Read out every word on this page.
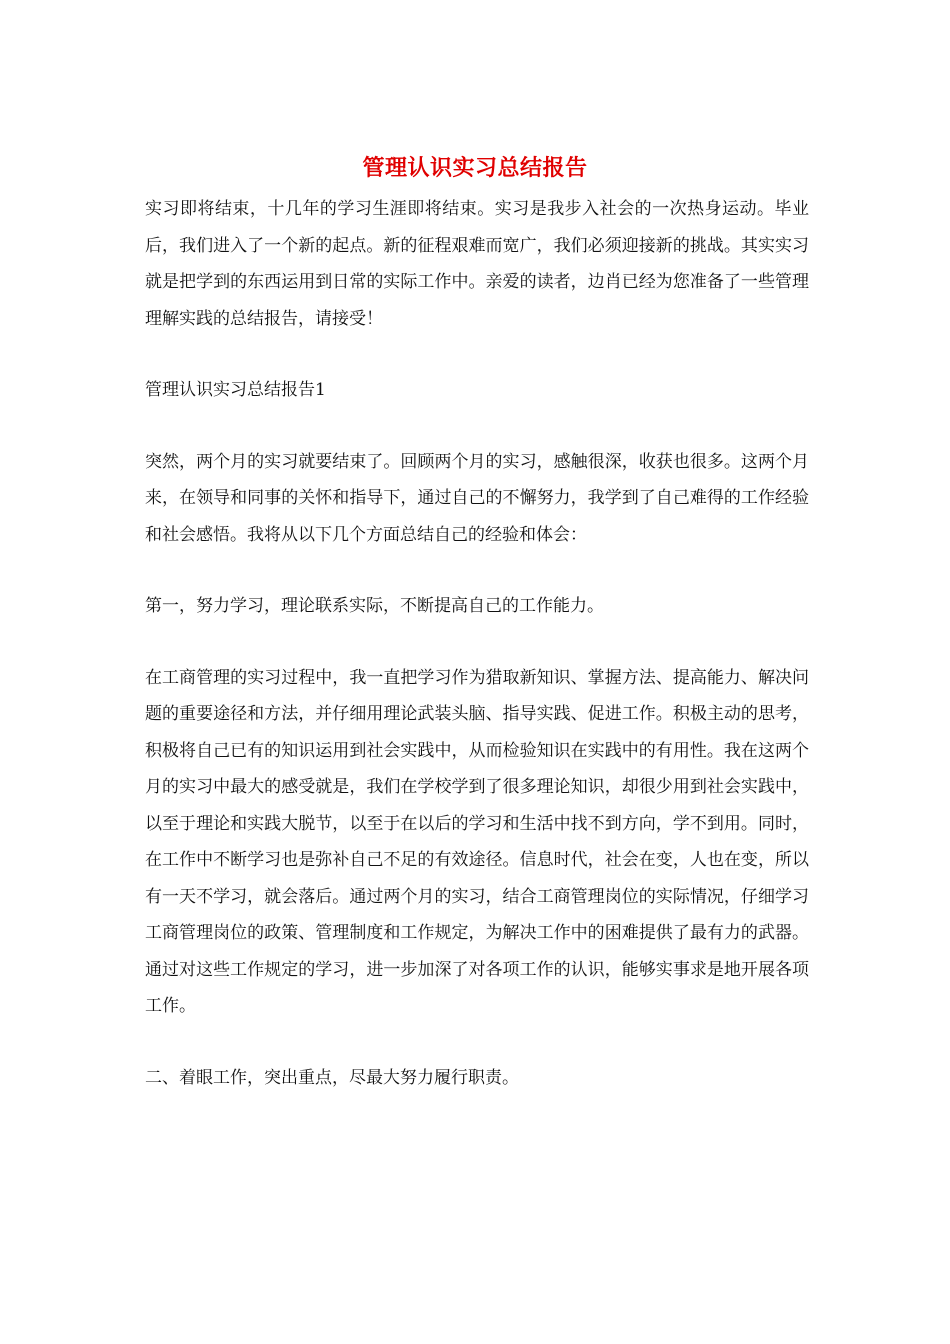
管理认识实习总结报告

实习即将结束，十几年的学习生涯即将结束。实习是我步入社会的一次热身运动。毕业后，我们进入了一个新的起点。新的征程艰难而宽广，我们必须迎接新的挑战。其实实习就是把学到的东西运用到日常的实际工作中。亲爱的读者，边肖已经为您准备了一些管理理解实践的总结报告，请接受！

管理认识实习总结报告1

突然，两个月的实习就要结束了。回顾两个月的实习，感触很深，收获也很多。这两个月来，在领导和同事的关怀和指导下，通过自己的不懈努力，我学到了自己难得的工作经验和社会感悟。我将从以下几个方面总结自己的经验和体会：

第一，努力学习，理论联系实际，不断提高自己的工作能力。

在工商管理的实习过程中，我一直把学习作为猎取新知识、掌握方法、提高能力、解决问题的重要途径和方法，并仔细用理论武装头脑、指导实践、促进工作。积极主动的思考，积极将自己已有的知识运用到社会实践中，从而检验知识在实践中的有用性。我在这两个月的实习中最大的感受就是，我们在学校学到了很多理论知识，却很少用到社会实践中，以至于理论和实践大脱节，以至于在以后的学习和生活中找不到方向，学不到用。同时，在工作中不断学习也是弥补自己不足的有效途径。信息时代，社会在变，人也在变，所以有一天不学习，就会落后。通过两个月的实习，结合工商管理岗位的实际情况，仔细学习工商管理岗位的政策、管理制度和工作规定，为解决工作中的困难提供了最有力的武器。通过对这些工作规定的学习，进一步加深了对各项工作的认识，能够实事求是地开展各项工作。

二、着眼工作，突出重点，尽最大努力履行职责。
